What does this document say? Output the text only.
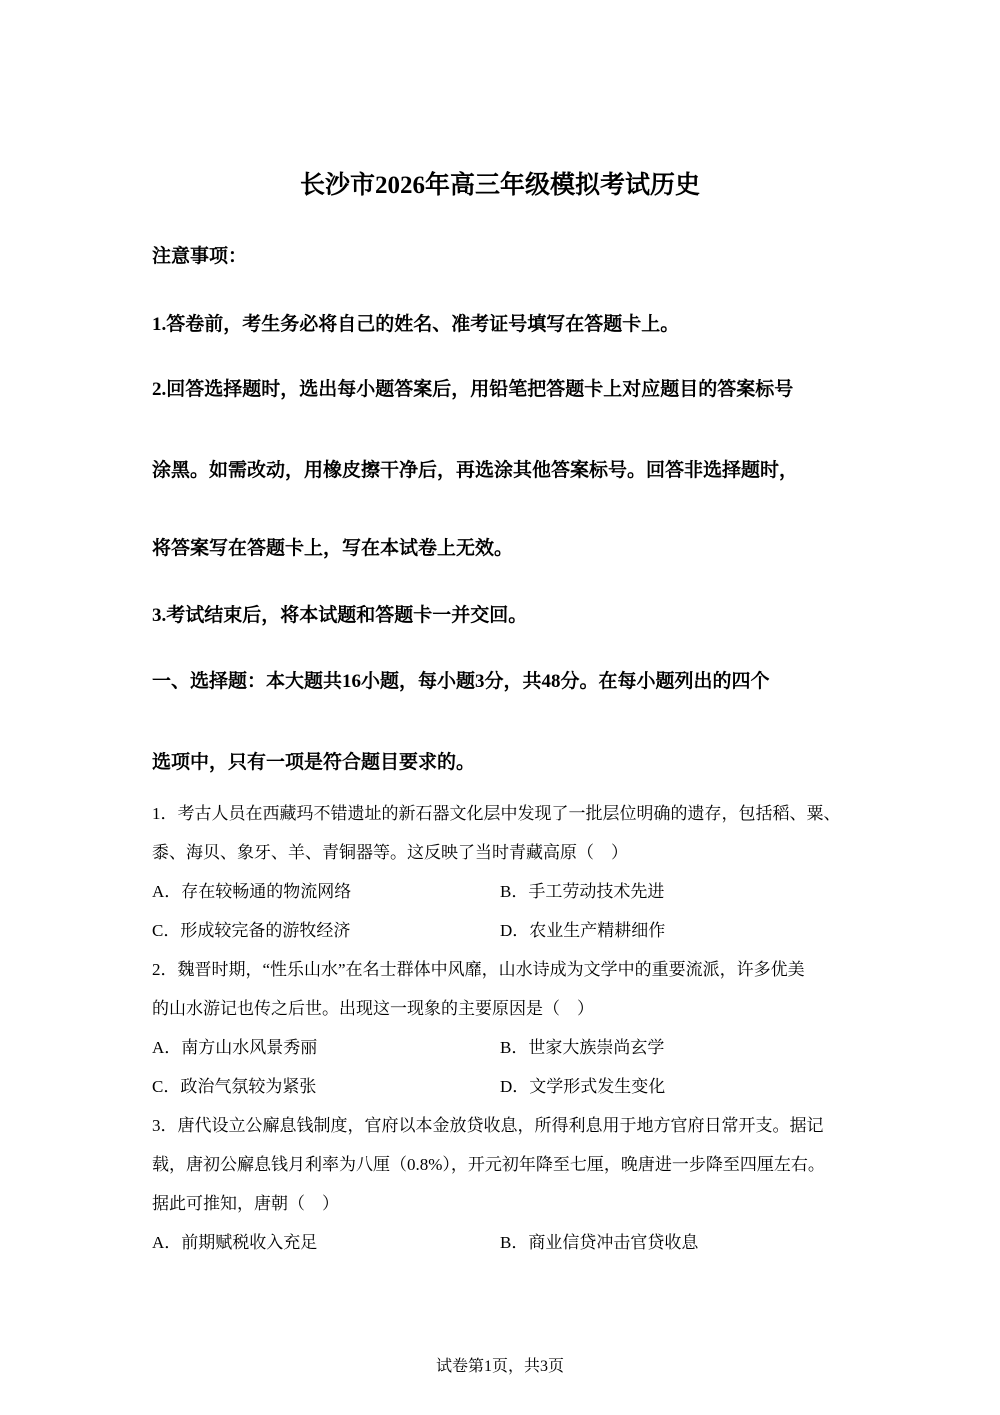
长沙市2026年高三年级模拟考试历史
注意事项：
1.答卷前，考生务必将自己的姓名、准考证号填写在答题卡上。
2.回答选择题时，选出每小题答案后，用铅笔把答题卡上对应题目的答案标号
涂黑。如需改动，用橡皮擦干净后，再选涂其他答案标号。回答非选择题时，
将答案写在答题卡上，写在本试卷上无效。
3.考试结束后，将本试题和答题卡一并交回。
一、选择题：本大题共16小题，每小题3分，共48分。在每小题列出的四个
选项中，只有一项是符合题目要求的。
1．考古人员在西藏玛不错遗址的新石器文化层中发现了一批层位明确的遗存，包括稻、粟、
黍、海贝、象牙、羊、青铜器等。这反映了当时青藏高原（　）
A．存在较畅通的物流网络	B．手工劳动技术先进
C．形成较完备的游牧经济	D．农业生产精耕细作
2．魏晋时期，“性乐山水”在名士群体中风靡，山水诗成为文学中的重要流派，许多优美
的山水游记也传之后世。出现这一现象的主要原因是（　）
A．南方山水风景秀丽	B．世家大族崇尚玄学
C．政治气氛较为紧张	D．文学形式发生变化
3．唐代设立公廨息钱制度，官府以本金放贷收息，所得利息用于地方官府日常开支。据记
载，唐初公廨息钱月利率为八厘（0.8%），开元初年降至七厘，晚唐进一步降至四厘左右。
据此可推知，唐朝（　）
A．前期赋税收入充足	B．商业信贷冲击官贷收息
试卷第1页，共3页
